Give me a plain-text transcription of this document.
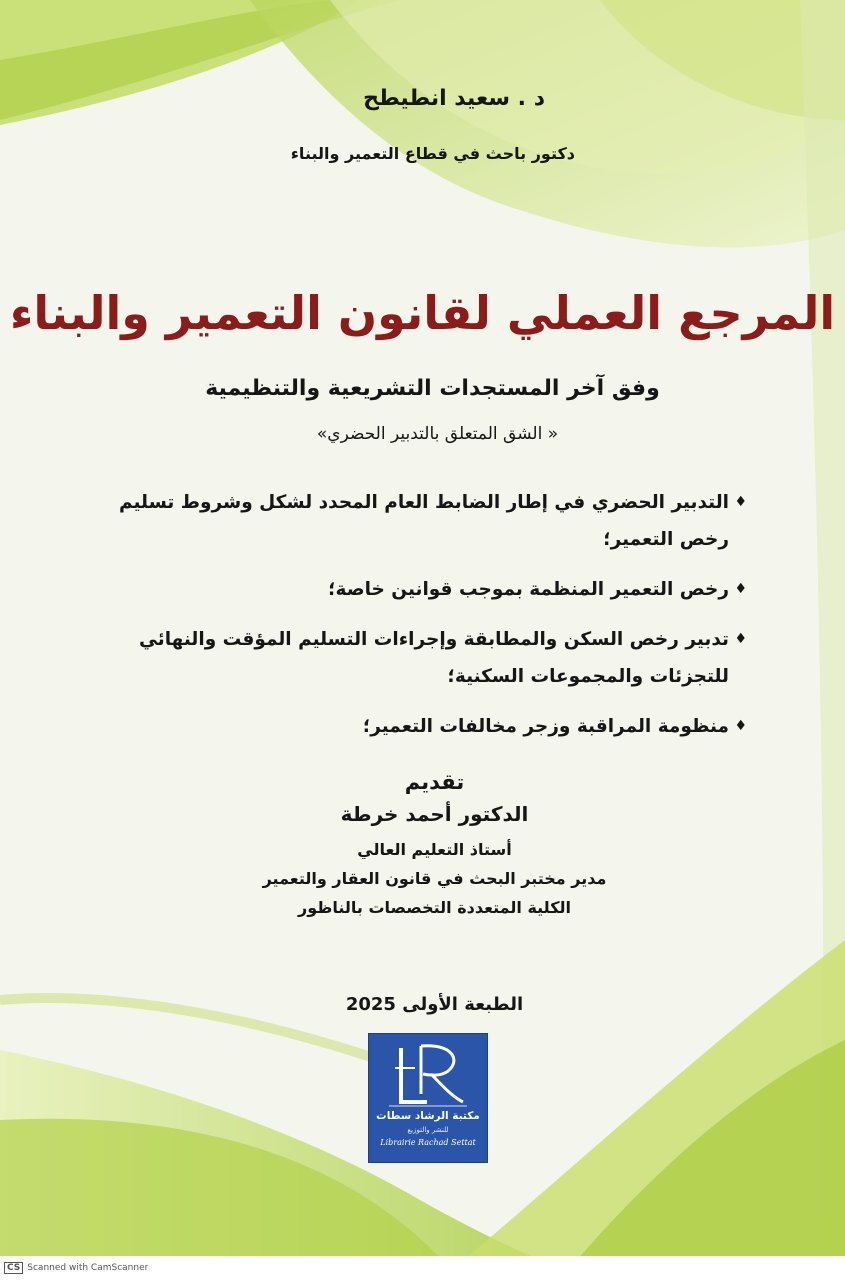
د . سعيد انطيطح
دكتور باحث في قطاع التعمير والبناء
المرجع العملي لقانون التعمير والبناء
وفق آخر المستجدات التشريعية والتنظيمية
« الشق المتعلق بالتدبير الحضري»
♦
التدبير الحضري في إطار الضابط العام المحدد لشكل وشروط تسليم رخص التعمير؛
♦
رخص التعمير المنظمة بموجب قوانين خاصة؛
♦
تدبير رخص السكن والمطابقة وإجراءات التسليم المؤقت والنهائي للتجزئات والمجموعات السكنية؛
♦
منظومة المراقبة وزجر مخالفات التعمير؛
تقديم
الدكتور أحمد خرطة
أستاذ التعليم العالي
مدير مختبر البحث في قانون العقار والتعمير
الكلية المتعددة التخصصات بالناظور
الطبعة الأولى 2025
مكتبة الرشاد سطات
للنشر والتوزيع
Librairie Rachad Settat
CS Scanned with CamScanner
